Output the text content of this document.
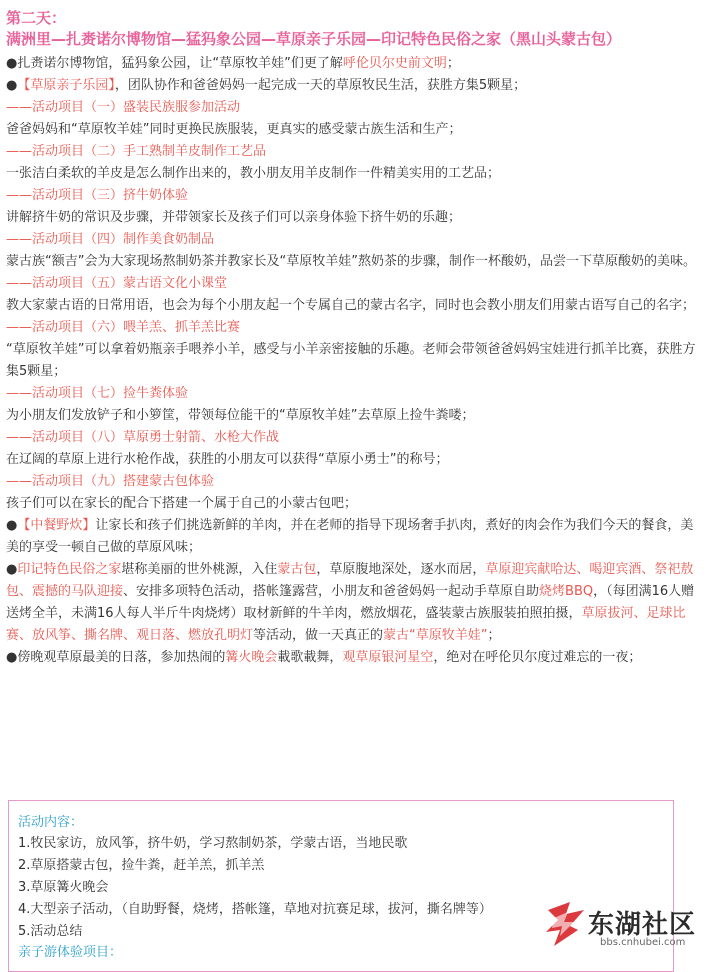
第二天：
满洲里—扎赉诺尔博物馆—猛犸象公园—草原亲子乐园—印记特色民俗之家（黑山头蒙古包）
●扎赉诺尔博物馆，猛犸象公园，让“草原牧羊娃”们更了解呼伦贝尔史前文明；
●【草原亲子乐园】，团队协作和爸爸妈妈一起完成一天的草原牧民生活，获胜方集5颗星；
——活动项目（一）盛装民族服参加活动
爸爸妈妈和“草原牧羊娃”同时更换民族服装，更真实的感受蒙古族生活和生产；
——活动项目（二）手工熟制羊皮制作工艺品
一张洁白柔软的羊皮是怎么制作出来的，教小朋友用羊皮制作一件精美实用的工艺品；
——活动项目（三）挤牛奶体验
讲解挤牛奶的常识及步骤，并带领家长及孩子们可以亲身体验下挤牛奶的乐趣；
——活动项目（四）制作美食奶制品
蒙古族“额吉”会为大家现场熬制奶茶并教家长及“草原牧羊娃”熬奶茶的步骤，制作一杯酸奶，品尝一下草原酸奶的美味。
——活动项目（五）蒙古语文化小课堂
教大家蒙古语的日常用语，也会为每个小朋友起一个专属自己的蒙古名字，同时也会教小朋友们用蒙古语写自己的名字；
——活动项目（六）喂羊羔、抓羊羔比赛
“草原牧羊娃”可以拿着奶瓶亲手喂养小羊，感受与小羊亲密接触的乐趣。老师会带领爸爸妈妈宝娃进行抓羊比赛，获胜方集5颗星；
——活动项目（七）捡牛粪体验
为小朋友们发放铲子和小箩筐，带领每位能干的“草原牧羊娃”去草原上捡牛粪喽；
——活动项目（八）草原勇士射箭、水枪大作战
在辽阔的草原上进行水枪作战，获胜的小朋友可以获得“草原小勇士”的称号；
——活动项目（九）搭建蒙古包体验
孩子们可以在家长的配合下搭建一个属于自己的小蒙古包吧；
●【中餐野炊】让家长和孩子们挑选新鲜的羊肉，并在老师的指导下现场奢手扒肉，煮好的肉会作为我们今天的餐食，美美的享受一顿自己做的草原风味；
●印记特色民俗之家堪称美丽的世外桃源，入住蒙古包，草原腹地深处，逐水而居，草原迎宾献哈达、喝迎宾酒、祭祀敖包、震撼的马队迎接、安排多项特色活动，搭帐篷露营，小朋友和爸爸妈妈一起动手草原自助烧烤BBQ，（每团满16人赠送烤全羊，未满16人每人半斤牛肉烧烤）取材新鲜的牛羊肉，燃放烟花，盛装蒙古族服装拍照拍摄，草原拔河、足球比赛、放风筝、撕名牌、观日落、燃放孔明灯等活动，做一天真正的蒙古“草原牧羊娃”；
●傍晚观草原最美的日落，参加热闹的篝火晚会載歌載舞，观草原银河星空，绝对在呼伦贝尔度过难忘的一夜；
活动内容：
1.牧民家访，放风筝，挤牛奶，学习熬制奶茶，学蒙古语，当地民歌
2.草原搭蒙古包，捡牛粪，赶羊羔，抓羊羔
3.草原篝火晚会
4.大型亲子活动，（自助野餐，烧烤，搭帐篷，草地对抗赛足球，拔河，撕名牌等）
5.活动总结
亲子游体验项目：
东湖社区
bbs.cnhubei.com
